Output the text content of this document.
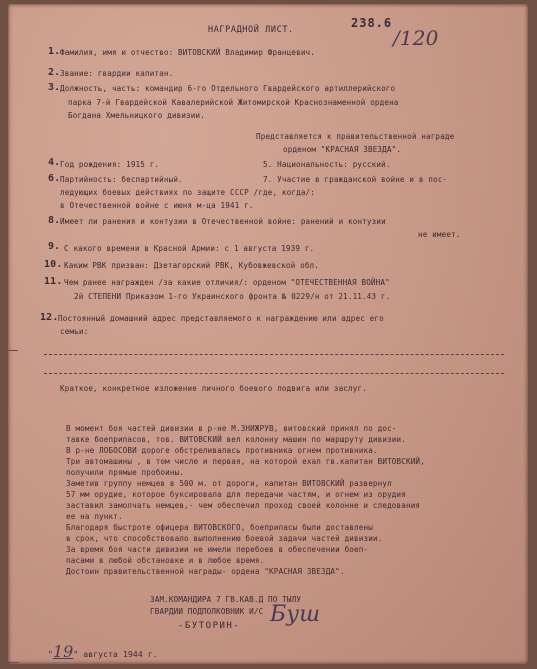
НАГРАДНОЙ ЛИСТ.	238.6
/120
1. Фамилия, имя и отчество: ВИТОВСКИЙ Владимир Францевич.
2. Звание: гвардии капитан.
3. Должность, часть: командир 6-го Отдельного Гвардейского артиллерийского
парка 7-й Гвардейской Кавалерийской Житомирской Краснознаменной ордена
Богдана Хмельницкого дивизии.
Представляется к правительственной награде
орденом "КРАСНАЯ ЗВЕЗДА".
4. Год рождения: 1915 г.	5. Национальность: русский.
6. Партийность: беспартийный.	7. Участие в гражданской войне и в пос-
ледующих боевых действиях по защите СССР /где, когда/:
в Отечественной войне с июня м-ца 1941 г.
8. Имеет ли ранения и контузии в Отечественной войне: ранений и контузии
не имеет.
9. С какого времени в Красной Армии: с 1 августа 1939 г.
10. Каким РВК призван: Дзетагорский РВК, Кубовжевской обл.
11. Чем ранее награжден /за какие отличия/: орденом "ОТЕЧЕСТВЕННАЯ ВОЙНА"
2й СТЕПЕНИ Приказом 1-го Украинского фронта № 0229/н от 21.11.43 г.
12. Постоянный домашний адрес представляемого к награждению или адрес его
семьи:
Краткое, конкретное изложение личного боевого подвига или заслуг.
В момент боя частей дивизии в р-не М.ЗНИЖРУВ, витовский принял по дос-
тавке боеприпасов, тов. ВИТОВСКИЙ вел колонну машин по маршруту дивизии.
В р-не ЛОБОСОВИ дороге обстреливалась противника огнем противника.
Три автомашины , в том числе и первая, на которой ехал гв.капитан ВИТОВСКИЙ,
получили прямые пробоины.
Заметив группу немцев в 500 м. от дороги, капитан ВИТОВСКИЙ развернул
57 мм орудие, которое буксировала для передачи частям, и огнем из орудия
заставил замолчать немцев,- чем обеспечил проход своей колонне и следования
ее на пункт.
Благодаря быстроте офицера ВИТОВСКОГО, боеприпасы были доставлены
в срок, что способствовало выполнению боевой задачи частей дивизии.
За время боя части дивизии не имели перебоев в обеспечении боеп-
пасами в любой обстановке и в любое время.
Достоин правительственной награды- ордена "КРАСНАЯ ЗВЕЗДА".
ЗАМ.КОМАНДИРА 7 ГВ.КАВ.Д ПО ТЫЛУ
ГВАРДИИ ПОДПОЛКОВНИК И/С
-БУТОРИН- Буш
"19" августа 1944 г.
